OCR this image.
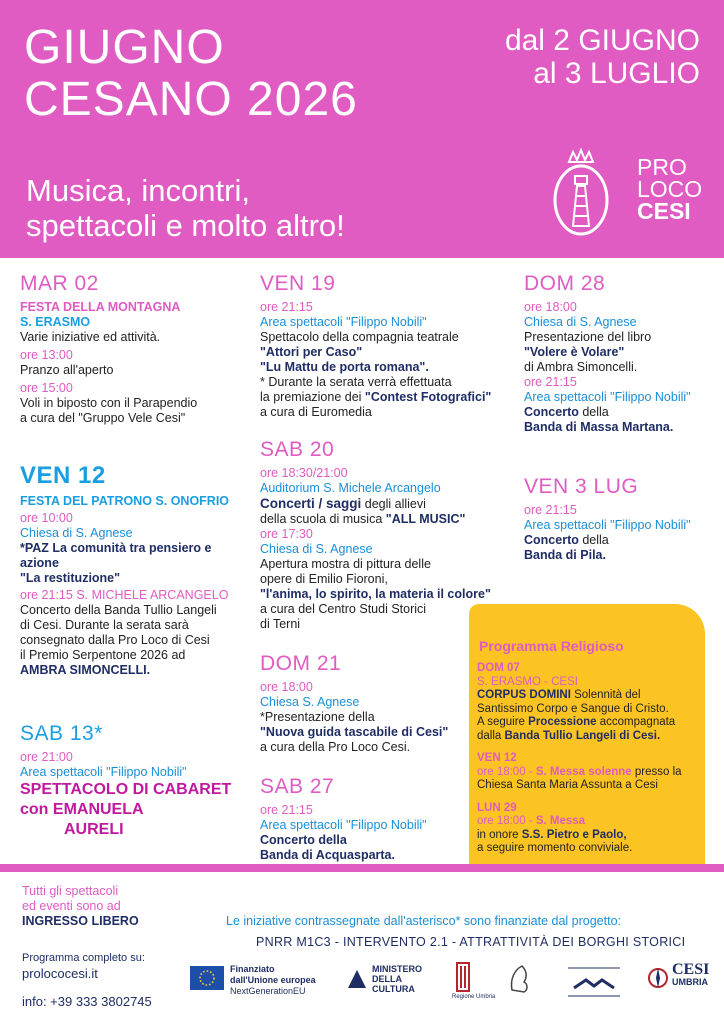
GIUGNO
CESANO 2026
dal 2 GIUGNO
al 3 LUGLIO
Musica, incontri,
spettacoli e molto altro!
PRO
LOCO
CESI
MAR 02
FESTA DELLA MONTAGNA
S. ERASMO
Varie iniziative ed attività.
ore 13:00
Pranzo all'aperto
ore 15:00
Voli in biposto con il Parapendio
a cura del "Gruppo Vele Cesi"
VEN 12
FESTA DEL PATRONO S. ONOFRIO
ore 10:00
Chiesa di S. Agnese
*PAZ La comunità tra pensiero e azione
"La restituzione"
ore 21:15 S. MICHELE ARCANGELO
Concerto della Banda Tullio Langeli
di Cesi. Durante la serata sarà
consegnato dalla Pro Loco di Cesi
il Premio Serpentone 2026 ad
AMBRA SIMONCELLI.
SAB 13*
ore 21:00
Area spettacoli "Filippo Nobili"
SPETTACOLO DI CABARET
con EMANUELA
AURELI
VEN 19
ore 21:15
Area spettacoli "Filippo Nobili"
Spettacolo della compagnia teatrale
"Attori per Caso"
"Lu Mattu de porta romana".
* Durante la serata verrà effettuata
la premiazione dei "Contest Fotografici"
a cura di Euromedia
SAB 20
ore 18:30/21:00
Auditorium S. Michele Arcangelo
Concerti / saggi degli allievi
della scuola di musica "ALL MUSIC"
ore 17:30
Chiesa di S. Agnese
Apertura mostra di pittura delle
opere di Emilio Fioroni,
"l'anima, lo spirito, la materia il colore"
a cura del Centro Studi Storici
di Terni
DOM 21
ore 18:00
Chiesa S. Agnese
*Presentazione della
"Nuova guida tascabile di Cesi"
a cura della Pro Loco Cesi.
SAB 27
ore 21:15
Area spettacoli "Filippo Nobili"
Concerto della
Banda di Acquasparta.
DOM 28
ore 18:00
Chiesa di S. Agnese
Presentazione del libro
"Volere è Volare"
di Ambra Simoncelli.
ore 21:15
Area spettacoli "Filippo Nobili"
Concerto della
Banda di Massa Martana.
VEN 3 LUG
ore 21:15
Area spettacoli "Filippo Nobili"
Concerto della
Banda di Pila.
Programma Religioso
DOM 07
S. ERASMO - CESI
CORPUS DOMINI Solennità del
Santissimo Corpo e Sangue di Cristo.
A seguire Processione accompagnata
dalla Banda Tullio Langeli di Cesi.
VEN 12
ore 18:00 - S. Messa solenne presso la
Chiesa Santa Maria Assunta a Cesi
LUN 29
ore 18:00 - S. Messa
in onore S.S. Pietro e Paolo,
a seguire momento conviviale.
Tutti gli spettacoli
ed eventi sono ad
INGRESSO LIBERO
Programma completo su:
prolococesi.it
info: +39 333 3802745
Le iniziative contrassegnate dall'asterisco* sono finanziate dal progetto:
PNRR M1C3 - INTERVENTO 2.1 - ATTRATTIVITÀ DEI BORGHI STORICI
Finanziato
dall'Unione europea
NextGenerationEU
MINISTERO
DELLA
CULTURA
Regione Umbria
CESI
UMBRIA
